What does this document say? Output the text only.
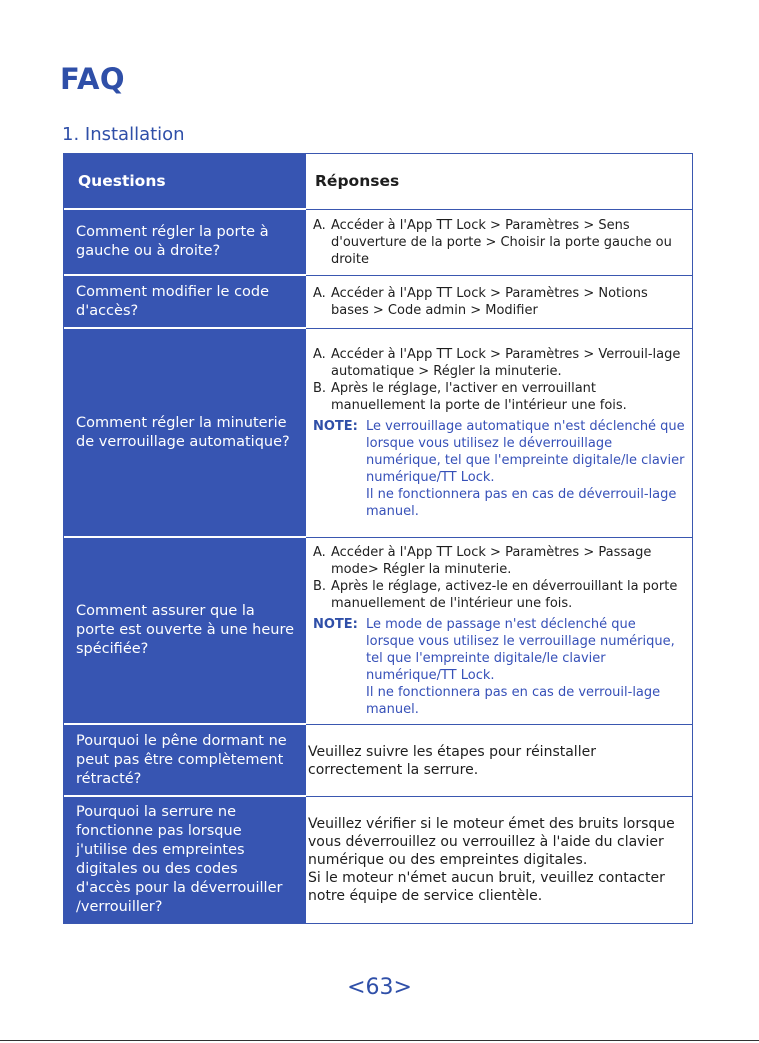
FAQ
1. Installation
Questions	Réponses
Comment régler la porte à gauche ou à droite?
A. Accéder à l'App TT Lock > Paramètres > Sens d'ouverture de la porte > Choisir la porte gauche ou droite
Comment modifier le code d'accès?
A. Accéder à l'App TT Lock > Paramètres > Notions bases > Code admin > Modifier
Comment régler la minuterie de verrouillage automatique?
A. Accéder à l'App TT Lock > Paramètres > Verrouil-lage automatique > Régler la minuterie.
B. Après le réglage, l'activer en verrouillant manuellement la porte de l'intérieur une fois.
NOTE: Le verrouillage automatique n'est déclenché que lorsque vous utilisez le déverrouillage numérique, tel que l'empreinte digitale/le clavier numérique/TT Lock.
Il ne fonctionnera pas en cas de déverrouil-lage manuel.
Comment assurer que la porte est ouverte à une heure spécifiée?
A. Accéder à l'App TT Lock > Paramètres > Passage mode> Régler la minuterie.
B. Après le réglage, activez-le en déverrouillant la porte manuellement de l'intérieur une fois.
NOTE: Le mode de passage n'est déclenché que lorsque vous utilisez le verrouillage numérique, tel que l'empreinte digitale/le clavier numérique/TT Lock.
Il ne fonctionnera pas en cas de verrouil-lage manuel.
Pourquoi le pêne dormant ne peut pas être complètement rétracté?
Veuillez suivre les étapes pour réinstaller correctement la serrure.
Pourquoi la serrure ne fonctionne pas lorsque j'utilise des empreintes digitales ou des codes d'accès pour la déverrouiller /verrouiller?
Veuillez vérifier si le moteur émet des bruits lorsque vous déverrouillez ou verrouillez à l'aide du clavier numérique ou des empreintes digitales.
Si le moteur n'émet aucun bruit, veuillez contacter notre équipe de service clientèle.
<63>
